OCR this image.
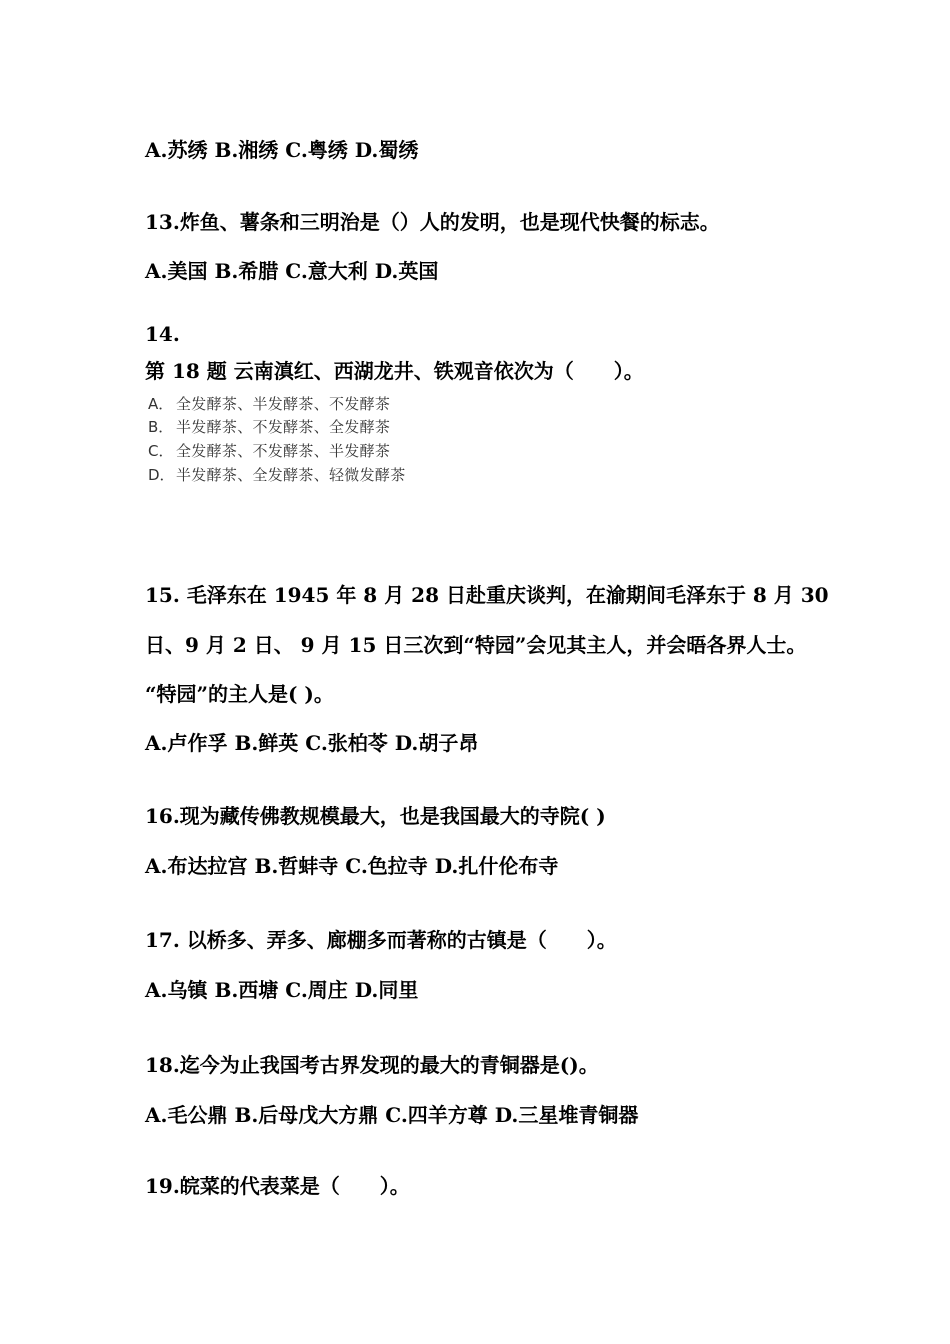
A.苏绣 B.湘绣 C.粤绣 D.蜀绣
13.炸鱼、薯条和三明治是（）人的发明，也是现代快餐的标志。
A.美国 B.希腊 C.意大利 D.英国
14.
第 18 题 云南滇红、西湖龙井、铁观音依次为（　　）。
A． 全发酵茶、半发酵茶、不发酵茶
B． 半发酵茶、不发酵茶、全发酵茶
C． 全发酵茶、不发酵茶、半发酵茶
D．半发酵茶、全发酵茶、轻微发酵茶
15. 毛泽东在 1945 年 8 月 28 日赴重庆谈判，在渝期间毛泽东于 8 月 30
日、9 月 2 日、 9 月 15 日三次到“特园”会见其主人，并会晤各界人士。
“特园”的主人是( )。
A.卢作孚 B.鲜英 C.张柏苓 D.胡子昂
16.现为藏传佛教规模最大，也是我国最大的寺院( )
A.布达拉宫 B.哲蚌寺 C.色拉寺 D.扎什伦布寺
17. 以桥多、弄多、廊棚多而著称的古镇是（　　）。
A.乌镇 B.西塘 C.周庄 D.同里
18.迄今为止我国考古界发现的最大的青铜器是()。
A.毛公鼎 B.后母戊大方鼎 C.四羊方尊 D.三星堆青铜器
19.皖菜的代表菜是（　　）。
